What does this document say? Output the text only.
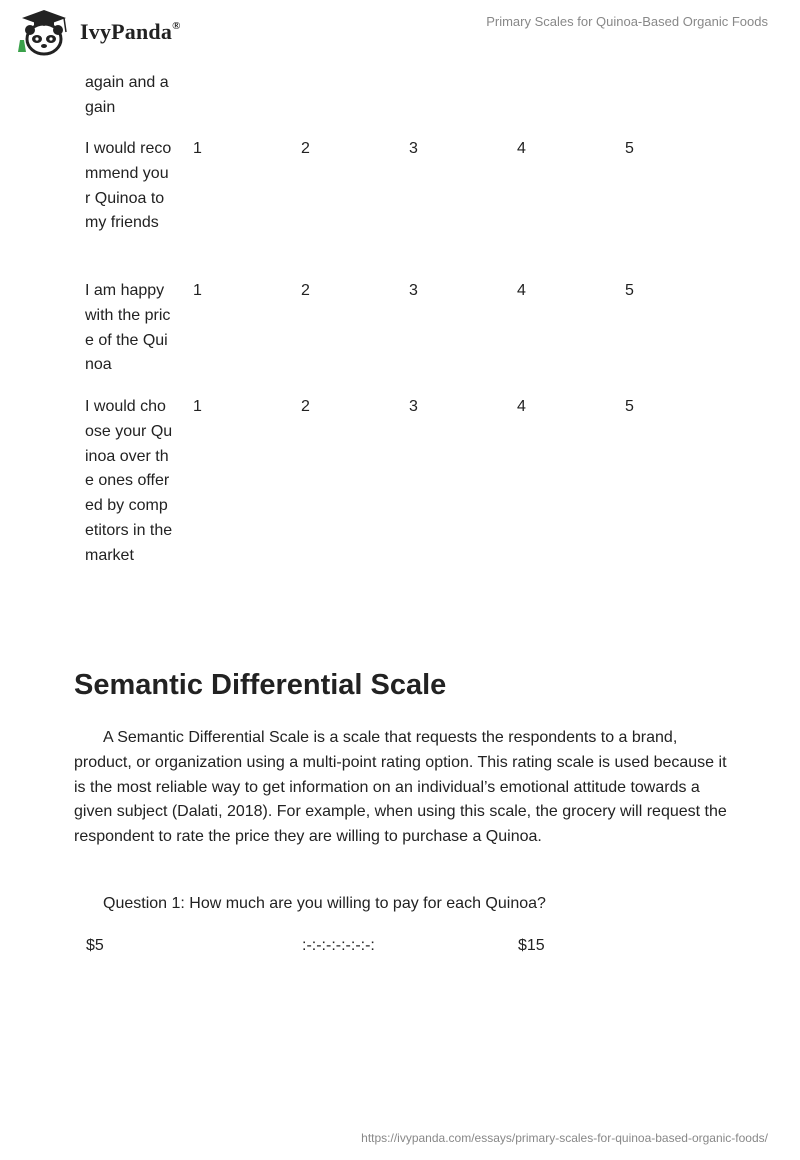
IvyPanda®	Primary Scales for Quinoa-Based Organic Foods
again and again
I would recommend your Quinoa to my friends
1	2	3	4	5
I am happy with the price of the Quinoa
1	2	3	4	5
I would choose your Quinoa over the ones offered by competitors in the market
1	2	3	4	5
Semantic Differential Scale

A Semantic Differential Scale is a scale that requests the respondents to a brand, product, or organization using a multi-point rating option. This rating scale is used because it is the most reliable way to get information on an individual’s emotional attitude towards a given subject (Dalati, 2018). For example, when using this scale, the grocery will request the respondent to rate the price they are willing to purchase a Quinoa.

Question 1: How much are you willing to pay for each Quinoa?

$5	:-:-:-:-:-:-:-:	$15
https://ivypanda.com/essays/primary-scales-for-quinoa-based-organic-foods/
